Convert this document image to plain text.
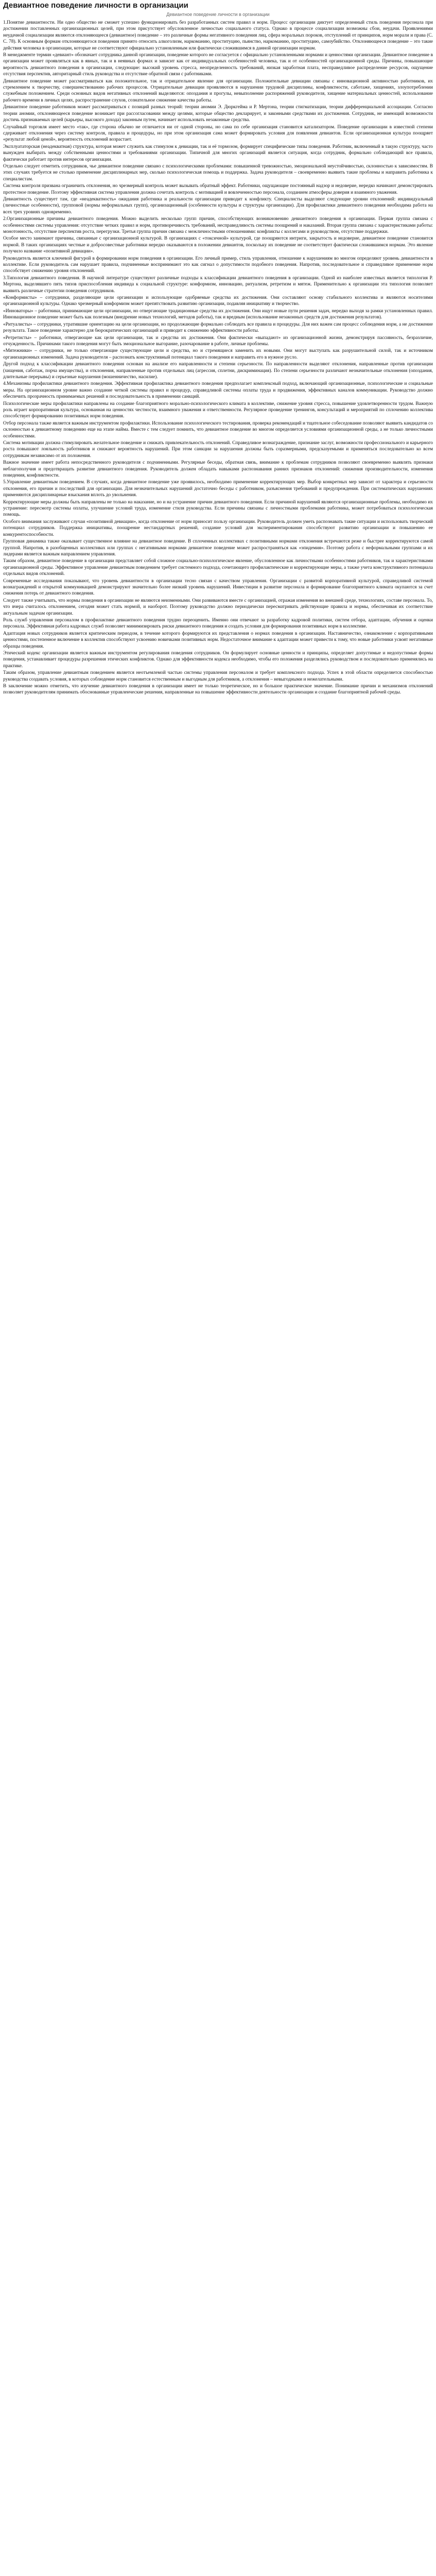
Девиантное поведение личности в организации
Девиантное поведение личности в организации

1.Понятие девиантности. Ни одно общество не сможет успешно функционировать без разработанных систем правил и норм. Процесс организации диктует определенный стиль поведения персонала при достижении поставленных организационных целей, при этом присутствует обусловленное личностью социального статуса. Однако в процессе социализации возможны сбои, неудачи. Проявлениями неудачной социализации являются отклоняющееся (девиантное) поведение – это различные формы негативного поведения лиц, сфера моральных пороков, отступлений от принципов, норм морали и права (С. С. 78). К основным формам отклоняющегося поведения принято относить алкоголизм, наркоманию, проституцию, пьянство, наркоманию, проституцию, самоубийство. Отклоняющееся поведение – это такие действия человека в организации, которые не соответствуют официально установленным или фактически сложившимся в данной организации нормам.

В менеджменте термин «девиант» обозначает сотрудника данной организации, поведение которого не согласуется с официально установленными нормами и ценностями организации. Девиантное поведение в организации может проявляться как в явных, так и в неявных формах и зависит как от индивидуальных особенностей человека, так и от особенностей организационной среды. Причины, повышающие вероятность девиантного поведения в организации, следующие: высокий уровень стресса, неопределенность требований, низкая заработная плата, несправедливое распределение ресурсов, ощущение отсутствия перспектив, авторитарный стиль руководства и отсутствие обратной связи с работниками.

Девиантное поведение может рассматриваться как положительное, так и отрицательное явление для организации. Положительные девиации связаны с инновационной активностью работников, их стремлением к творчеству, совершенствованию рабочих процессов. Отрицательные девиации проявляются в нарушении трудовой дисциплины, конфликтности, саботаже, хищениях, злоупотреблении служебным положением. Среди основных видов негативных отклонений выделяются: опоздания и прогулы, невыполнение распоряжений руководителя, хищение материальных ценностей, использование рабочего времени в личных целях, распространение слухов, сознательное снижение качества работы.

Девиантное поведение работников может рассматриваться с позиций разных теорий: теории аномии Э. Дюркгейма и Р. Мертона, теории стигматизации, теории дифференциальной ассоциации. Согласно теории аномии, отклоняющееся поведение возникает при рассогласовании между целями, которые общество декларирует, и законными средствами их достижения. Сотрудник, не имеющий возможности достичь признаваемых целей (карьеры, высокого дохода) законным путем, начинает использовать незаконные средства.

Случайный торговля имеет место «так», где сторона обычно не отличается ни от одной стороны, но сама по себе организация становится катализатором. Поведение организации в известной степени сдерживает отклонения через систему контроля, правила и процедуры, но при этом организация сама может формировать условия для появления девиантов. Если организационная культура поощряет «результат любой ценой», вероятность отклонений возрастает.

Эксплуататорская (неадекватная) структура, которая может служить как стимулом к девиации, так и её тормозом, формирует специфические типы поведения. Работник, включенный в такую структуру, часто вынужден выбирать между собственными ценностями и требованиями организации. Типичной для многих организаций является ситуация, когда сотрудник, формально соблюдающий все правила, фактически работает против интересов организации.

Отдельно следует отметить сотрудников, чье девиантное поведение связано с психологическими проблемами: повышенной тревожностью, эмоциональной неустойчивостью, склонностью к зависимостям. В этих случаях требуется не столько применение дисциплинарных мер, сколько психологическая помощь и поддержка. Задача руководителя – своевременно выявить такие проблемы и направить работника к специалистам.

Система контроля призвана ограничить отклонения, но чрезмерный контроль может вызывать обратный эффект. Работники, ощущающие постоянный надзор и недоверие, нередко начинают демонстрировать протестное поведение. Поэтому эффективная система управления должна сочетать контроль с мотивацией и вовлеченностью персонала, созданием атмосферы доверия и взаимного уважения.

Девиантность существует там, где «неадекватность» ожидания работника и реальности организации приводит к конфликту. Специалисты выделяют следующие уровни отклонений: индивидуальный (личностные особенности), групповой (нормы неформальных групп), организационный (особенности культуры и структуры организации). Для профилактики девиантного поведения необходима работа на всех трех уровнях одновременно.

2.Организационные причины девиантного поведения. Можно выделить несколько групп причин, способствующих возникновению девиантного поведения в организации. Первая группа связана с особенностями системы управления: отсутствие четких правил и норм, противоречивость требований, несправедливость системы поощрений и наказаний. Вторая группа связана с характеристиками работы: монотонность, отсутствие перспектив роста, перегрузки. Третья группа причин связана с межличностными отношениями: конфликты с коллегами и руководством, отсутствие поддержки.

Особое место занимают причины, связанные с организационной культурой. В организациях с «токсичной» культурой, где поощряются интриги, закрытость и недоверие, девиантное поведение становится нормой. В таких организациях честные и добросовестные работники нередко оказываются в положении девиантов, поскольку их поведение не соответствует фактически сложившимся нормам. Это явление получило название «позитивной девиации».

Руководитель является ключевой фигурой в формировании норм поведения в организации. Его личный пример, стиль управления, отношение к нарушениям во многом определяют уровень девиантности в коллективе. Если руководитель сам нарушает правила, подчиненные воспринимают это как сигнал о допустимости подобного поведения. Напротив, последовательное и справедливое применение норм способствует снижению уровня отклонений.

3.Типология девиантного поведения. В научной литературе существуют различные подходы к классификации девиантного поведения в организации. Одной из наиболее известных является типология Р. Мертона, выделявшего пять типов приспособления индивида к социальной структуре: конформизм, инновацию, ритуализм, ретретизм и мятеж. Применительно к организации эта типология позволяет выявить различные стратегии поведения сотрудников.

«Конформисты» – сотрудники, разделяющие цели организации и использующие одобряемые средства их достижения. Они составляют основу стабильного коллектива и являются носителями организационной культуры. Однако чрезмерный конформизм может препятствовать развитию организации, подавляя инициативу и творчество.

«Инноваторы» – работники, принимающие цели организации, но отвергающие традиционные средства их достижения. Они ищут новые пути решения задач, нередко выходя за рамки установленных правил. Инновационное поведение может быть как полезным (внедрение новых технологий, методов работы), так и вредным (использование незаконных средств для достижения результатов).

«Ритуалисты» – сотрудники, утратившие ориентацию на цели организации, но продолжающие формально соблюдать все правила и процедуры. Для них важен сам процесс соблюдения норм, а не достижение результата. Такое поведение характерно для бюрократических организаций и приводит к снижению эффективности работы.

«Ретретисты» – работники, отвергающие как цели организации, так и средства их достижения. Они фактически «выпадают» из организационной жизни, демонстрируя пассивность, безразличие, отчужденность. Причинами такого поведения могут быть эмоциональное выгорание, разочарование в работе, личные проблемы.

«Мятежники» – сотрудники, не только отвергающие существующие цели и средства, но и стремящиеся заменить их новыми. Они могут выступать как разрушительной силой, так и источником организационных изменений. Задача руководителя – распознать конструктивный потенциал такого поведения и направить его в нужное русло.

Другой подход к классификации девиантного поведения основан на анализе его направленности и степени серьезности. По направленности выделяют отклонения, направленные против организации (хищения, саботаж, порча имущества), и отклонения, направленные против отдельных лиц (агрессия, сплетни, дискриминация). По степени серьезности различают незначительные отклонения (опоздания, длительные перерывы) и серьезные нарушения (мошенничество, насилие).

4.Механизмы профилактики девиантного поведения. Эффективная профилактика девиантного поведения предполагает комплексный подход, включающий организационные, психологические и социальные меры. На организационном уровне важно создание четкой системы правил и процедур, справедливой системы оплаты труда и продвижения, эффективных каналов коммуникации. Руководство должно обеспечить прозрачность принимаемых решений и последовательность в применении санкций.

Психологические меры профилактики направлены на создание благоприятного морально-психологического климата в коллективе, снижение уровня стресса, повышение удовлетворенности трудом. Важную роль играет корпоративная культура, основанная на ценностях честности, взаимного уважения и ответственности. Регулярное проведение тренингов, консультаций и мероприятий по сплочению коллектива способствует формированию позитивных норм поведения.

Отбор персонала также является важным инструментом профилактики. Использование психологического тестирования, проверка рекомендаций и тщательное собеседование позволяют выявить кандидатов со склонностью к девиантному поведению еще на этапе найма. Вместе с тем следует помнить, что девиантное поведение во многом определяется условиями организационной среды, а не только личностными особенностями.

Система мотивации должна стимулировать желательное поведение и снижать привлекательность отклонений. Справедливое вознаграждение, признание заслуг, возможности профессионального и карьерного роста повышают лояльность работников и снижают вероятность нарушений. При этом санкции за нарушения должны быть соразмерными, предсказуемыми и применяться последовательно ко всем сотрудникам независимо от их положения.

Важное значение имеет работа непосредственного руководителя с подчиненными. Регулярные беседы, обратная связь, внимание к проблемам сотрудников позволяют своевременно выявлять признаки неблагополучия и предотвращать развитие девиантного поведения. Руководитель должен обладать навыками распознавания ранних признаков отклонений: снижения производительности, изменения поведения, конфликтности.

5.Управление девиантным поведением. В случаях, когда девиантное поведение уже проявилось, необходимо применение корректирующих мер. Выбор конкретных мер зависит от характера и серьезности отклонения, его причин и последствий для организации. Для незначительных нарушений достаточно беседы с работником, разъяснения требований и предупреждения. При систематических нарушениях применяются дисциплинарные взыскания вплоть до увольнения.

Корректирующие меры должны быть направлены не только на наказание, но и на устранение причин девиантного поведения. Если причиной нарушений являются организационные проблемы, необходимо их устранение: пересмотр системы оплаты, улучшение условий труда, изменение стиля руководства. Если причины связаны с личностными проблемами работника, может потребоваться психологическая помощь.

Особого внимания заслуживают случаи «позитивной девиации», когда отклонение от норм приносит пользу организации. Руководитель должен уметь распознавать такие ситуации и использовать творческий потенциал сотрудников. Поддержка инициативы, поощрение нестандартных решений, создание условий для экспериментирования способствуют развитию организации и повышению ее конкурентоспособности.

Групповая динамика также оказывает существенное влияние на девиантное поведение. В сплоченных коллективах с позитивными нормами отклонения встречаются реже и быстрее корректируются самой группой. Напротив, в разобщенных коллективах или группах с негативными нормами девиантное поведение может распространяться как «эпидемия». Поэтому работа с неформальными группами и их лидерами является важным направлением управления.

Таким образом, девиантное поведение в организации представляет собой сложное социально-психологическое явление, обусловленное как личностными особенностями работников, так и характеристиками организационной среды. Эффективное управление девиантным поведением требует системного подхода, сочетающего профилактические и корректирующие меры, а также учета конструктивного потенциала отдельных видов отклонений.

Современные исследования показывают, что уровень девиантности в организации тесно связан с качеством управления. Организации с развитой корпоративной культурой, справедливой системой вознаграждений и открытой коммуникацией демонстрируют значительно более низкий уровень нарушений. Инвестиции в развитие персонала и формирование благоприятного климата окупаются за счет снижения потерь от девиантного поведения.

Следует также учитывать, что нормы поведения в организации не являются неизменными. Они развиваются вместе с организацией, отражая изменения во внешней среде, технологиях, составе персонала. То, что вчера считалось отклонением, сегодня может стать нормой, и наоборот. Поэтому руководство должно периодически пересматривать действующие правила и нормы, обеспечивая их соответствие актуальным задачам организации.

Роль служб управления персоналом в профилактике девиантного поведения трудно переоценить. Именно они отвечают за разработку кадровой политики, систем отбора, адаптации, обучения и оценки персонала. Эффективная работа кадровых служб позволяет минимизировать риски девиантного поведения и создать условия для формирования позитивных норм в коллективе.

Адаптация новых сотрудников является критическим периодом, в течение которого формируются их представления о нормах поведения в организации. Наставничество, ознакомление с корпоративными ценностями, постепенное включение в коллектив способствуют усвоению новичками позитивных норм. Недостаточное внимание к адаптации может привести к тому, что новые работники усвоят негативные образцы поведения.

Этический кодекс организации является важным инструментом регулирования поведения сотрудников. Он формулирует основные ценности и принципы, определяет допустимые и недопустимые формы поведения, устанавливает процедуры разрешения этических конфликтов. Однако для эффективности кодекса необходимо, чтобы его положения разделялись руководством и последовательно применялись на практике.

Таким образом, управление девиантным поведением является неотъемлемой частью системы управления персоналом и требует комплексного подхода. Успех в этой области определяется способностью руководства создавать условия, в которых соблюдение норм становится естественным и выгодным для работников, а отклонения – невыгодными и нежелательными.

В заключение можно отметить, что изучение девиантного поведения в организации имеет не только теоретическое, но и большое практическое значение. Понимание причин и механизмов отклонений позволяет руководителям принимать обоснованные управленческие решения, направленные на повышение эффективности деятельности организации и создание благоприятной рабочей среды.
